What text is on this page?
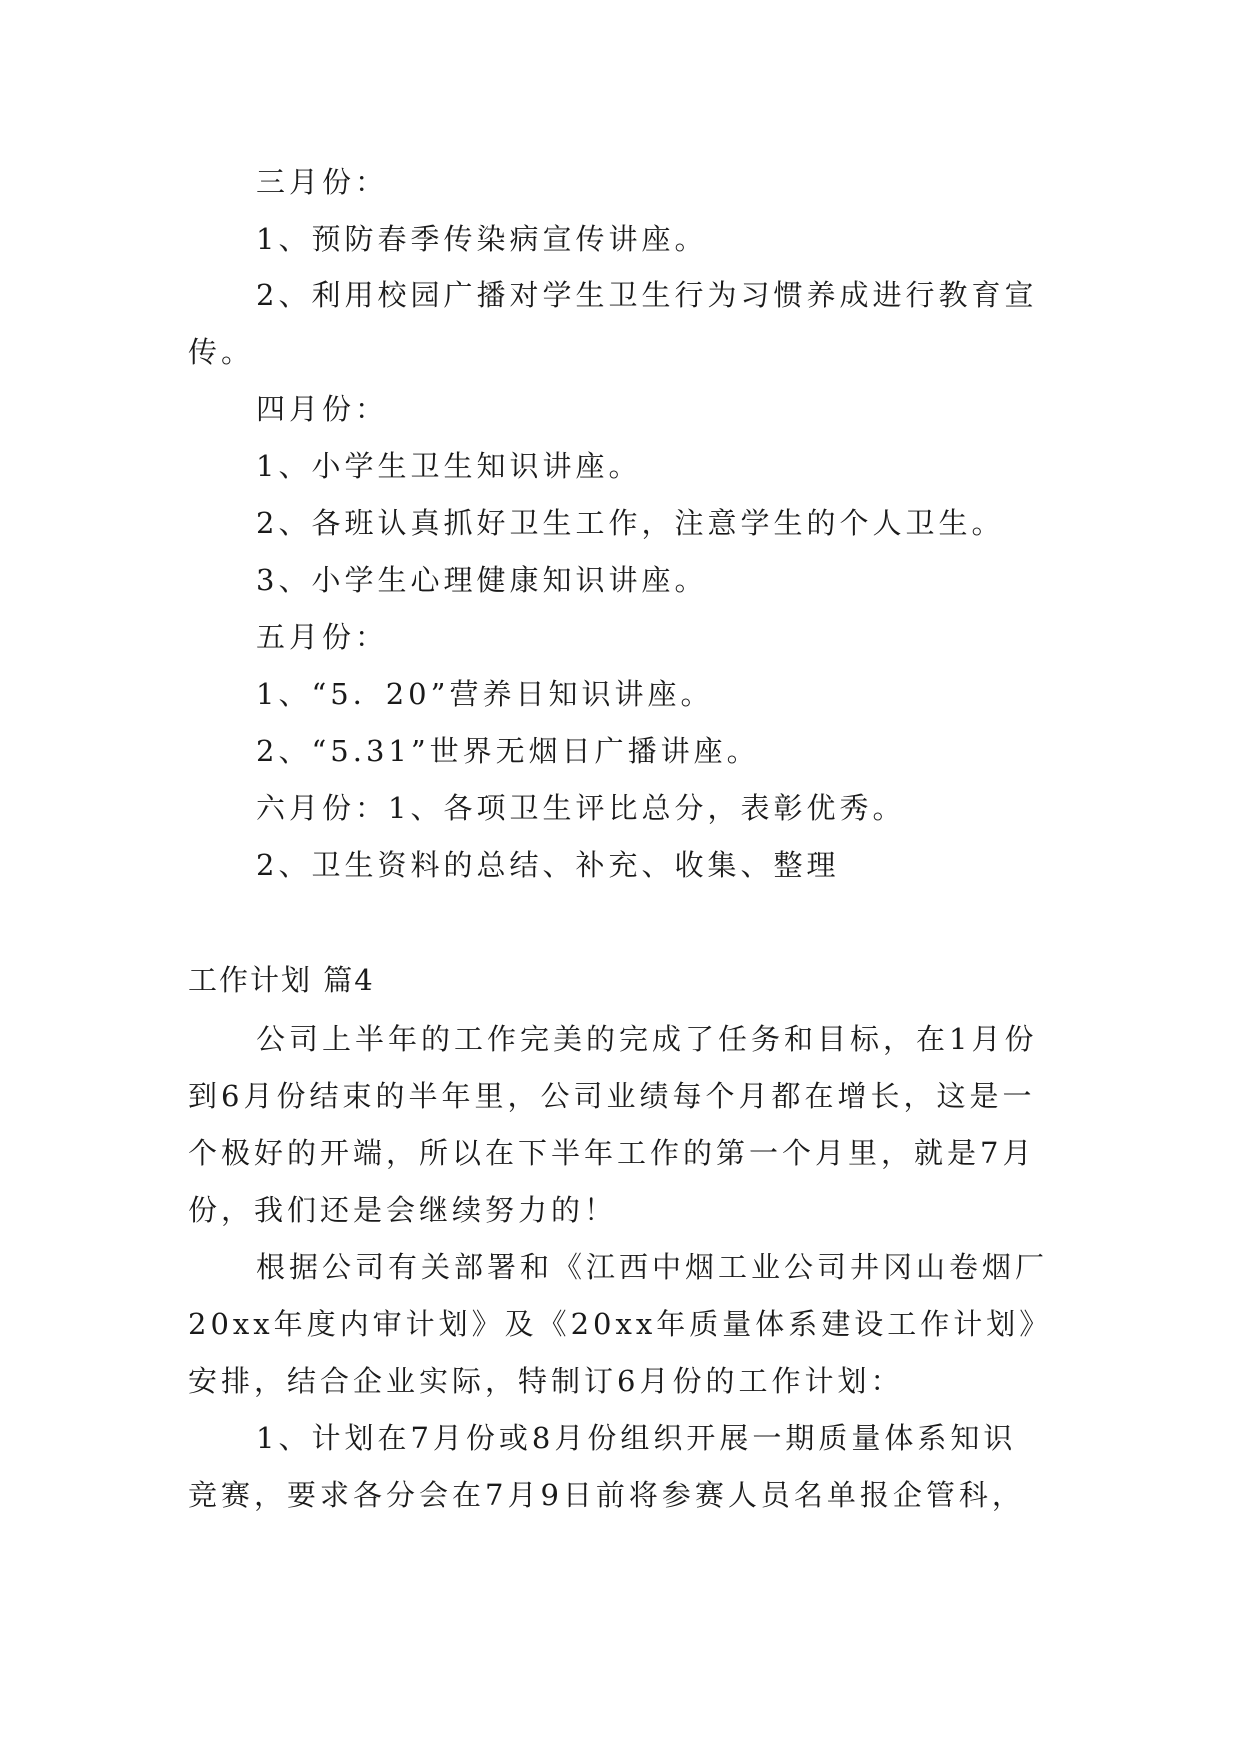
三月份：

1、预防春季传染病宣传讲座。

2、利用校园广播对学生卫生行为习惯养成进行教育宣

传。

四月份：

1、小学生卫生知识讲座。

2、各班认真抓好卫生工作，注意学生的个人卫生。

3、小学生心理健康知识讲座。

五月份：

1、“5．20”营养日知识讲座。

2、“5.31”世界无烟日广播讲座。

六月份：1、各项卫生评比总分，表彰优秀。

2、卫生资料的总结、补充、收集、整理

工作计划 篇4

公司上半年的工作完美的完成了任务和目标，在1月份

到6月份结束的半年里，公司业绩每个月都在增长，这是一

个极好的开端，所以在下半年工作的第一个月里，就是7月

份，我们还是会继续努力的！

根据公司有关部署和《江西中烟工业公司井冈山卷烟厂

20xx年度内审计划》及《20xx年质量体系建设工作计划》

安排，结合企业实际，特制订6月份的工作计划：

1、计划在7月份或8月份组织开展一期质量体系知识

竞赛，要求各分会在7月9日前将参赛人员名单报企管科，
